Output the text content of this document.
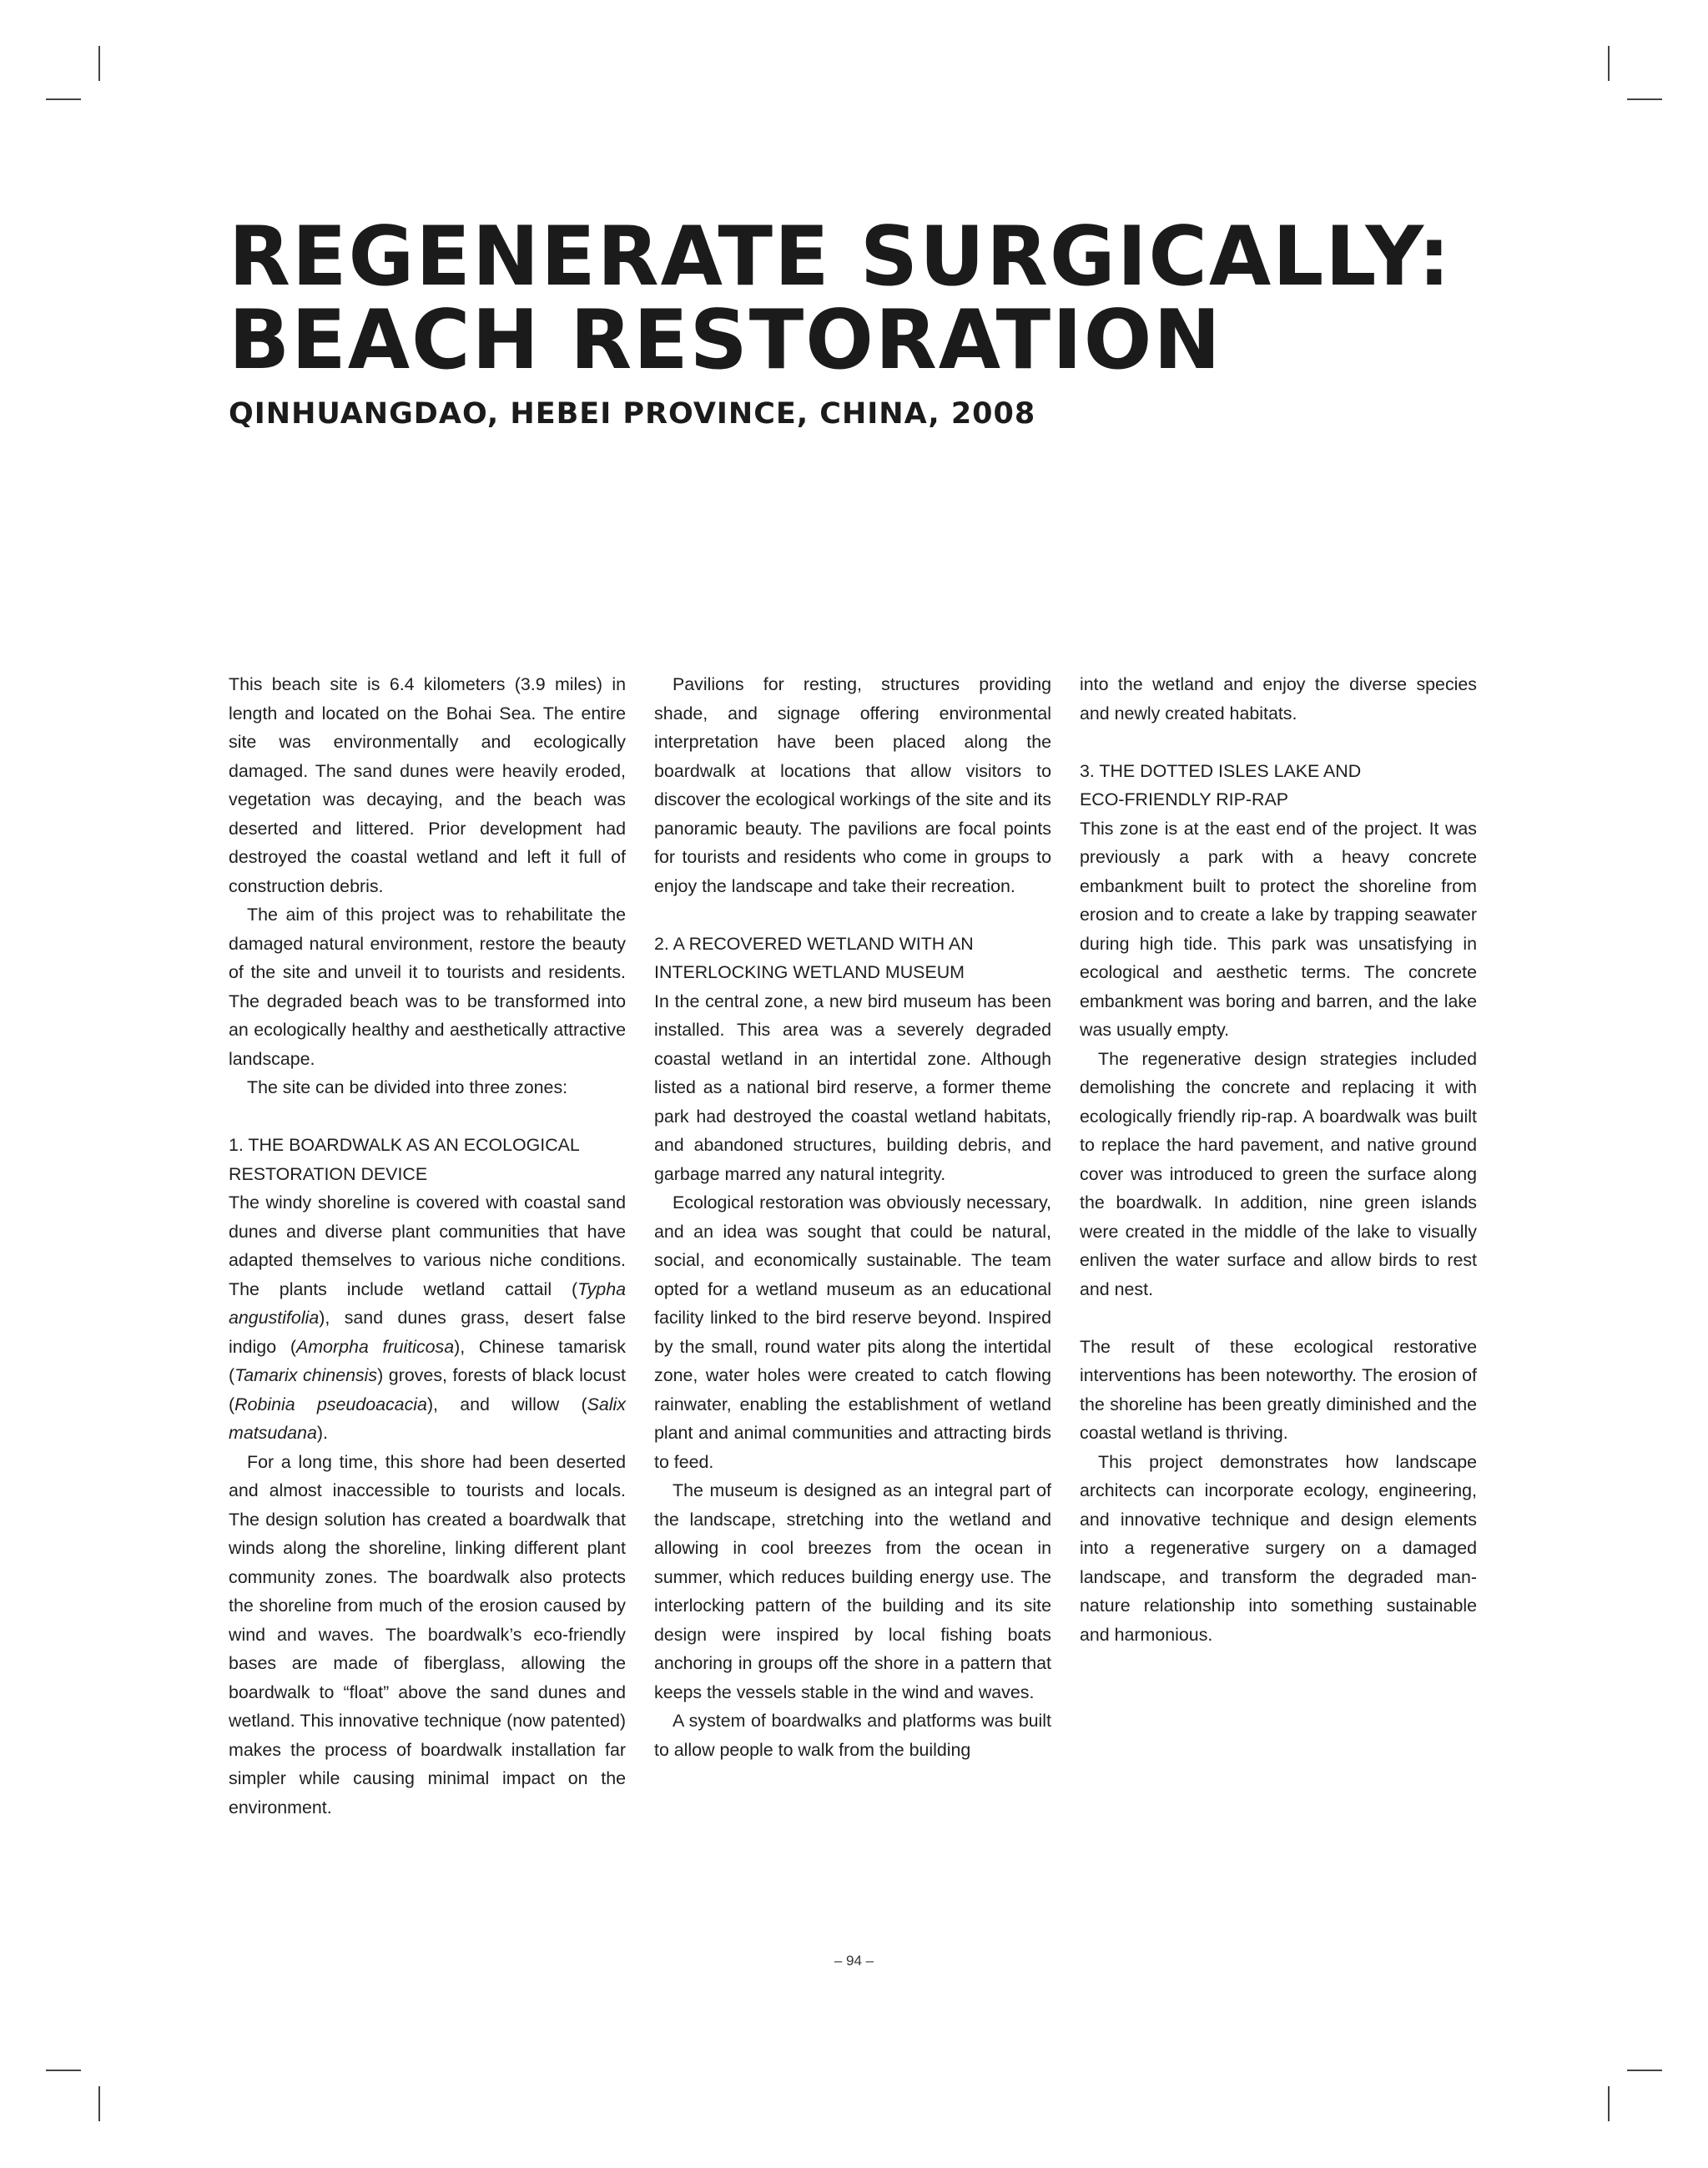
REGENERATE SURGICALLY:
BEACH RESTORATION
QINHUANGDAO, HEBEI PROVINCE, CHINA, 2008

This beach site is 6.4 kilometers (3.9 miles) in length and located on the Bohai Sea. The entire site was environmentally and ecologically damaged. The sand dunes were heavily eroded, vegetation was decaying, and the beach was deserted and littered. Prior development had destroyed the coastal wetland and left it full of construction debris.

The aim of this project was to rehabilitate the damaged natural environment, restore the beauty of the site and unveil it to tourists and residents. The degraded beach was to be transformed into an ecologically healthy and aesthetically attractive landscape.

The site can be divided into three zones:

1. THE BOARDWALK AS AN ECOLOGICAL
RESTORATION DEVICE

The windy shoreline is covered with coastal sand dunes and diverse plant communities that have adapted themselves to various niche conditions. The plants include wetland cattail (Typha angustifolia), sand dunes grass, desert false indigo (Amorpha fruiticosa), Chinese tamarisk (Tamarix chinensis) groves, forests of black locust (Robinia pseudoacacia), and willow (Salix matsudana).

For a long time, this shore had been deserted and almost inaccessible to tourists and locals. The design solution has created a boardwalk that winds along the shoreline, linking different plant community zones. The boardwalk also protects the shoreline from much of the erosion caused by wind and waves. The boardwalk’s eco-friendly bases are made of fiberglass, allowing the boardwalk to “float” above the sand dunes and wetland. This innovative technique (now patented) makes the process of boardwalk installation far simpler while causing minimal impact on the environment.

Pavilions for resting, structures providing shade, and signage offering environmental interpretation have been placed along the boardwalk at locations that allow visitors to discover the ecological workings of the site and its panoramic beauty. The pavilions are focal points for tourists and residents who come in groups to enjoy the landscape and take their recreation.

2. A RECOVERED WETLAND WITH AN
INTERLOCKING WETLAND MUSEUM

In the central zone, a new bird museum has been installed. This area was a severely degraded coastal wetland in an intertidal zone. Although listed as a national bird reserve, a former theme park had destroyed the coastal wetland habitats, and abandoned structures, building debris, and garbage marred any natural integrity.

Ecological restoration was obviously necessary, and an idea was sought that could be natural, social, and economically sustainable. The team opted for a wetland museum as an educational facility linked to the bird reserve beyond. Inspired by the small, round water pits along the intertidal zone, water holes were created to catch flowing rainwater, enabling the establishment of wetland plant and animal communities and attracting birds to feed.

The museum is designed as an integral part of the landscape, stretching into the wetland and allowing in cool breezes from the ocean in summer, which reduces building energy use. The interlocking pattern of the building and its site design were inspired by local fishing boats anchoring in groups off the shore in a pattern that keeps the vessels stable in the wind and waves.

A system of boardwalks and platforms was built to allow people to walk from the building

into the wetland and enjoy the diverse species and newly created habitats.

3. THE DOTTED ISLES LAKE AND
ECO-FRIENDLY RIP-RAP

This zone is at the east end of the project. It was previously a park with a heavy concrete embankment built to protect the shoreline from erosion and to create a lake by trapping seawater during high tide. This park was unsatisfying in ecological and aesthetic terms. The concrete embankment was boring and barren, and the lake was usually empty.

The regenerative design strategies included demolishing the concrete and replacing it with ecologically friendly rip-rap. A boardwalk was built to replace the hard pavement, and native ground cover was introduced to green the surface along the boardwalk. In addition, nine green islands were created in the middle of the lake to visually enliven the water surface and allow birds to rest and nest.

The result of these ecological restorative interventions has been noteworthy. The erosion of the shoreline has been greatly diminished and the coastal wetland is thriving.

This project demonstrates how landscape architects can incorporate ecology, engineering, and innovative technique and design elements into a regenerative surgery on a damaged landscape, and transform the degraded man-nature relationship into something sustainable and harmonious.

– 94 –
